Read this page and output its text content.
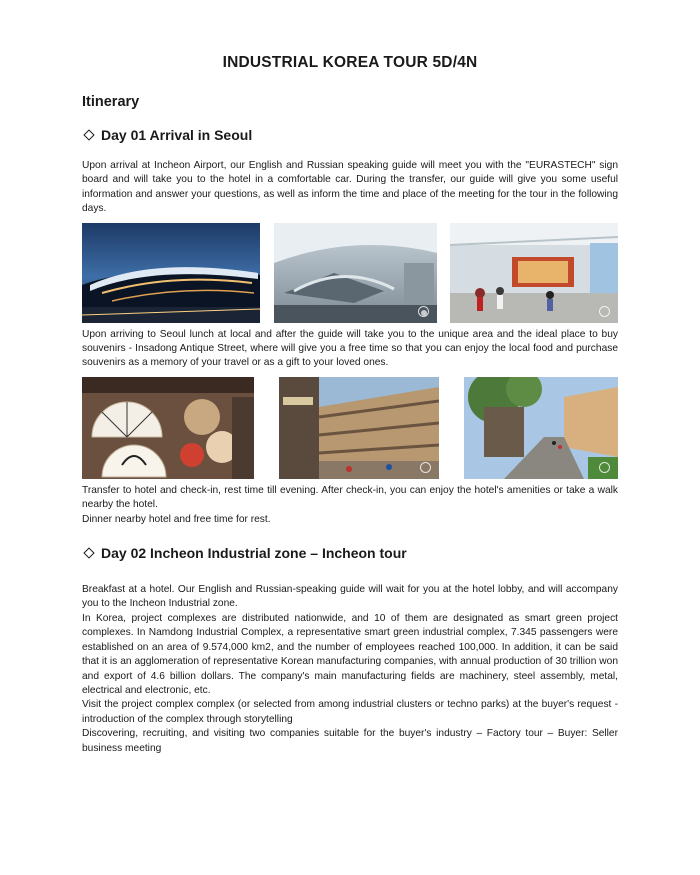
INDUSTRIAL KOREA TOUR 5D/4N
Itinerary
Day 01 Arrival in Seoul

Upon arrival at Incheon Airport, our English and Russian speaking guide will meet you with the "EURASTECH" sign board and will take you to the hotel in a comfortable car. During the transfer, our guide will give you some useful information and answer your questions, as well as inform the time and place of the meeting for the tour in the following days.

Upon arriving to Seoul lunch at local and after the guide will take you to the unique area and the ideal place to buy souvenirs - Insadong Antique Street, where will give you a free time so that you can enjoy the local food and purchase souvenirs as a memory of your travel or as a gift to your loved ones.

Transfer to hotel and check-in, rest time till evening. After check-in, you can enjoy the hotel's amenities or take a walk nearby the hotel.

Dinner nearby hotel and free time for rest.

Day 02 Incheon Industrial zone – Incheon tour

Breakfast at a hotel. Our English and Russian-speaking guide will wait for you at the hotel lobby, and will accompany you to the Incheon Industrial zone.

In Korea, project complexes are distributed nationwide, and 10 of them are designated as smart green project complexes. In Namdong Industrial Complex, a representative smart green industrial complex, 7.345 passengers were established on an area of 9.574,000 km2, and the number of employees reached 100,000. In addition, it can be said that it is an agglomeration of representative Korean manufacturing companies, with annual production of 30 trillion won and export of 4.6 billion dollars. The company's main manufacturing fields are machinery, steel assembly, metal, electrical and electronic, etc.

Visit the project complex complex (or selected from among industrial clusters or techno parks) at the buyer's request - introduction of the complex through storytelling

Discovering, recruiting, and visiting two companies suitable for the buyer's industry – Factory tour – Buyer: Seller business meeting
